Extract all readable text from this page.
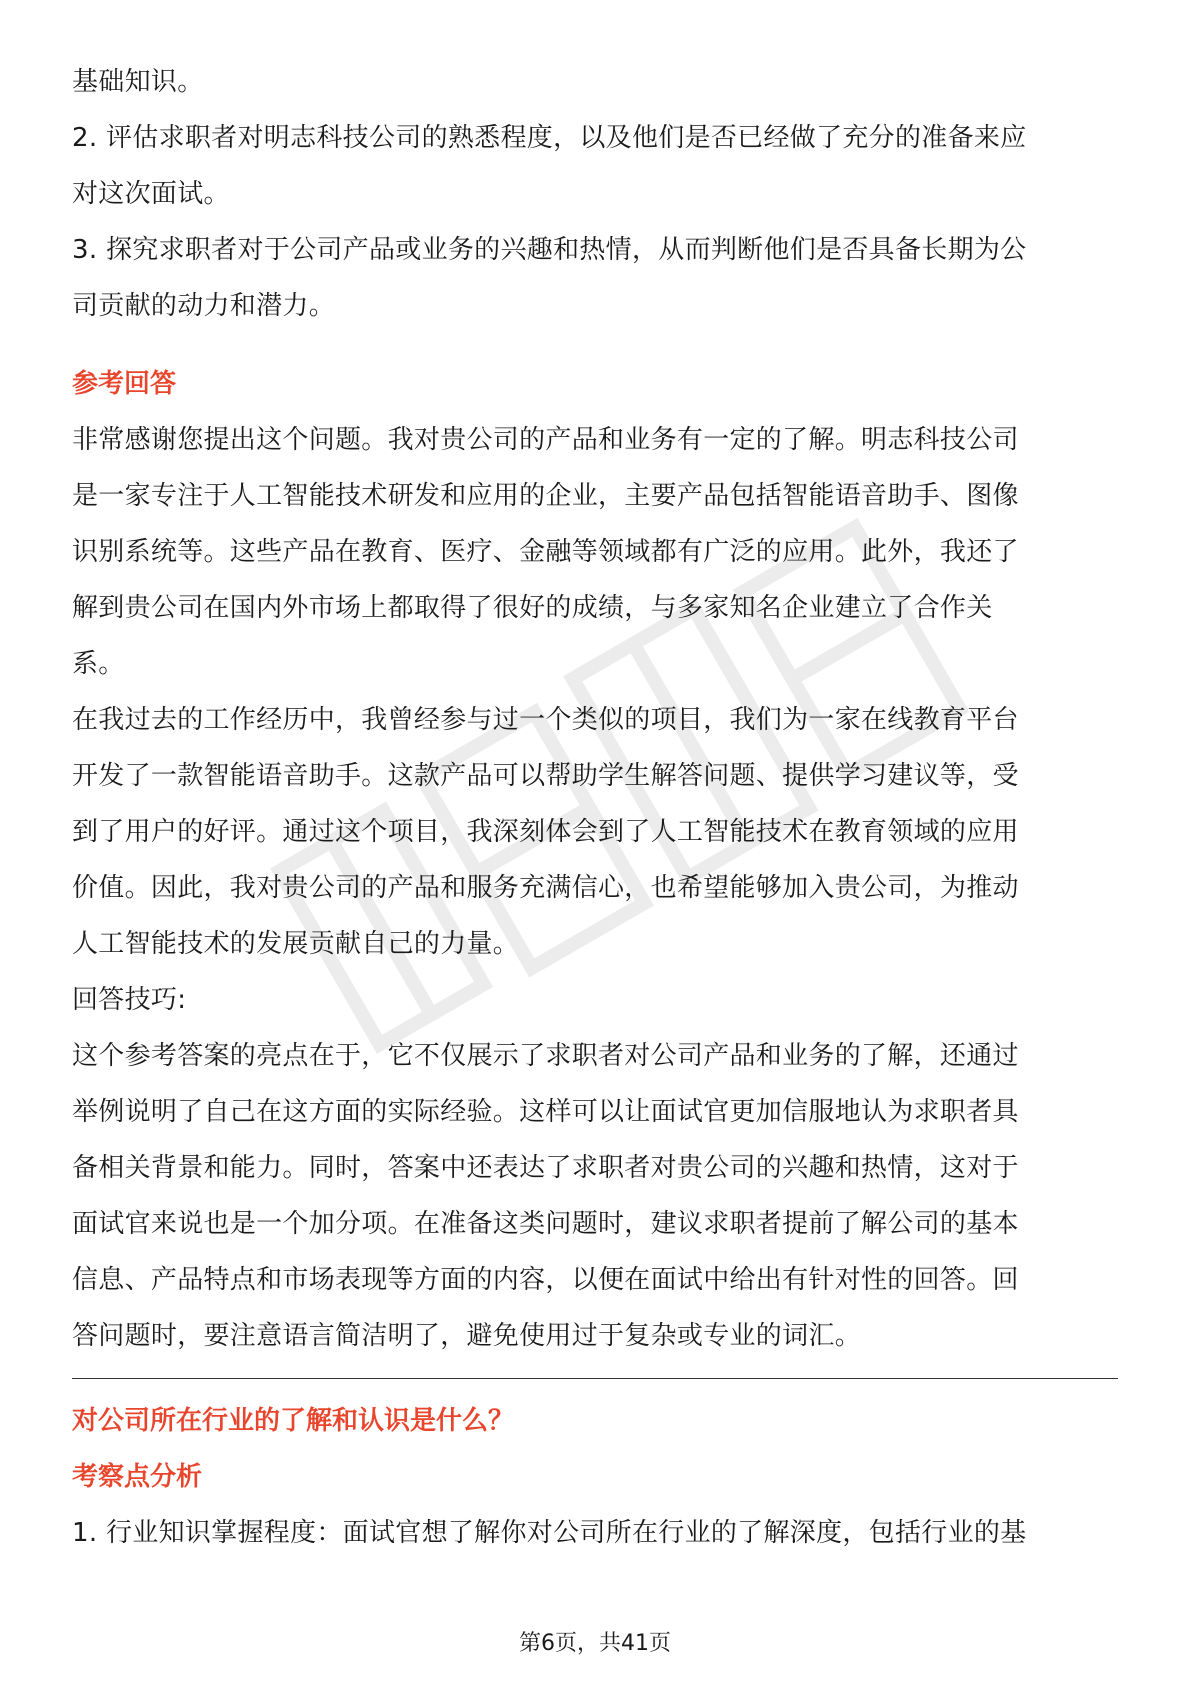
基础知识。
2. 评估求职者对明志科技公司的熟悉程度，以及他们是否已经做了充分的准备来应
对这次面试。
3. 探究求职者对于公司产品或业务的兴趣和热情，从而判断他们是否具备长期为公
司贡献的动力和潜力。
参考回答
非常感谢您提出这个问题。我对贵公司的产品和业务有一定的了解。明志科技公司
是一家专注于人工智能技术研发和应用的企业，主要产品包括智能语音助手、图像
识别系统等。这些产品在教育、医疗、金融等领域都有广泛的应用。此外，我还了
解到贵公司在国内外市场上都取得了很好的成绩，与多家知名企业建立了合作关
系。
在我过去的工作经历中，我曾经参与过一个类似的项目，我们为一家在线教育平台
开发了一款智能语音助手。这款产品可以帮助学生解答问题、提供学习建议等，受
到了用户的好评。通过这个项目，我深刻体会到了人工智能技术在教育领域的应用
价值。因此，我对贵公司的产品和服务充满信心，也希望能够加入贵公司，为推动
人工智能技术的发展贡献自己的力量。
回答技巧:
这个参考答案的亮点在于，它不仅展示了求职者对公司产品和业务的了解，还通过
举例说明了自己在这方面的实际经验。这样可以让面试官更加信服地认为求职者具
备相关背景和能力。同时，答案中还表达了求职者对贵公司的兴趣和热情，这对于
面试官来说也是一个加分项。在准备这类问题时，建议求职者提前了解公司的基本
信息、产品特点和市场表现等方面的内容，以便在面试中给出有针对性的回答。回
答问题时，要注意语言简洁明了，避免使用过于复杂或专业的词汇。
对公司所在行业的了解和认识是什么？
考察点分析
1. 行业知识掌握程度：面试官想了解你对公司所在行业的了解深度，包括行业的基
第6页，共41页
